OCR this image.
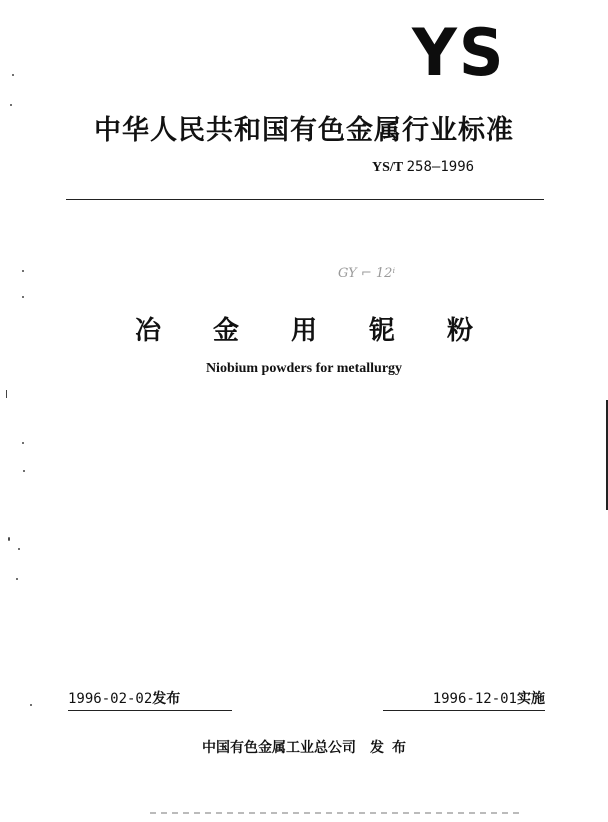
YS
中华人民共和国有色金属行业标准
YS/T 258—1996
GY ⌐ 12ⁱ
冶 金 用 铌 粉
Niobium powders for metallurgy
1996-02-02发布	1996-12-01实施
中国有色金属工业总公司 发 布
